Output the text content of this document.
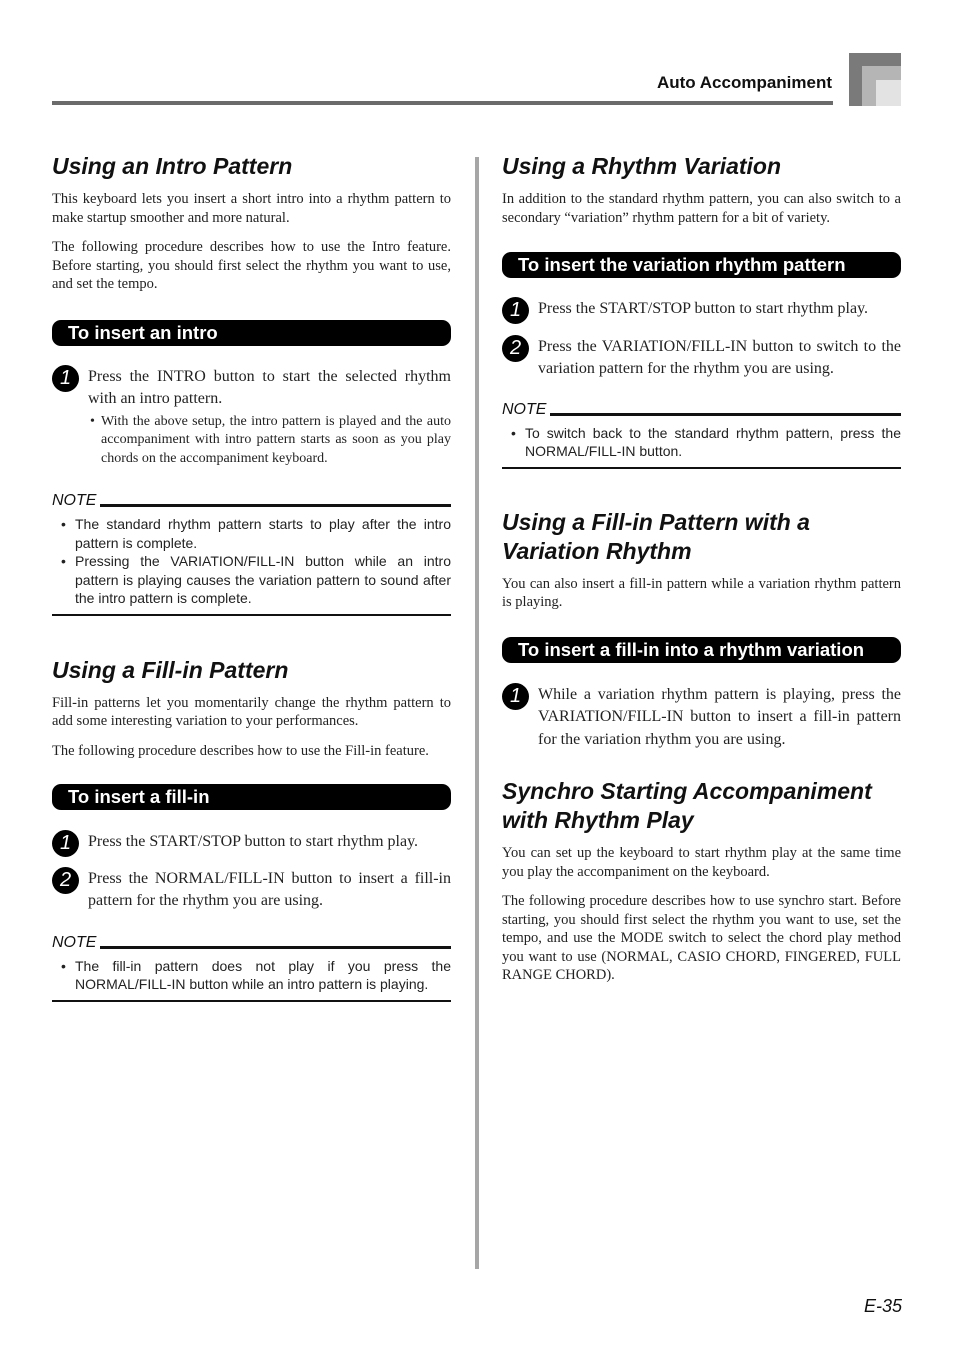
Auto Accompaniment
Using an Intro Pattern

This keyboard lets you insert a short intro into a rhythm pattern to make startup smoother and more natural.

The following procedure describes how to use the Intro feature. Before starting, you should first select the rhythm you want to use, and set the tempo.

To insert an intro
1	Press the INTRO button to start the selected rhythm with an intro pattern.
• With the above setup, the intro pattern is played and the auto accompaniment with intro pattern starts as soon as you play chords on the accompaniment keyboard.
NOTE
• The standard rhythm pattern starts to play after the intro pattern is complete.
• Pressing the VARIATION/FILL-IN button while an intro pattern is playing causes the variation pattern to sound after the intro pattern is complete.
Using a Fill-in Pattern

Fill-in patterns let you momentarily change the rhythm pattern to add some interesting variation to your performances.

The following procedure describes how to use the Fill-in feature.

To insert a fill-in
1	Press the START/STOP button to start rhythm play.
2	Press the NORMAL/FILL-IN button to insert a fill-in pattern for the rhythm you are using.
NOTE
• The fill-in pattern does not play if you press the NORMAL/FILL-IN button while an intro pattern is playing.
Using a Rhythm Variation

In addition to the standard rhythm pattern, you can also switch to a secondary “variation” rhythm pattern for a bit of variety.

To insert the variation rhythm pattern
1	Press the START/STOP button to start rhythm play.
2	Press the VARIATION/FILL-IN button to switch to the variation pattern for the rhythm you are using.
NOTE
• To switch back to the standard rhythm pattern, press the NORMAL/FILL-IN button.
Using a Fill-in Pattern with a
Variation Rhythm

You can also insert a fill-in pattern while a variation rhythm pattern is playing.

To insert a fill-in into a rhythm variation
1	While a variation rhythm pattern is playing, press the VARIATION/FILL-IN button to insert a fill-in pattern for the variation rhythm you are using.
Synchro Starting Accompaniment
with Rhythm Play

You can set up the keyboard to start rhythm play at the same time you play the accompaniment on the keyboard.

The following procedure describes how to use synchro start. Before starting, you should first select the rhythm you want to use, set the tempo, and use the MODE switch to select the chord play method you want to use (NORMAL, CASIO CHORD, FINGERED, FULL RANGE CHORD).

E-35
